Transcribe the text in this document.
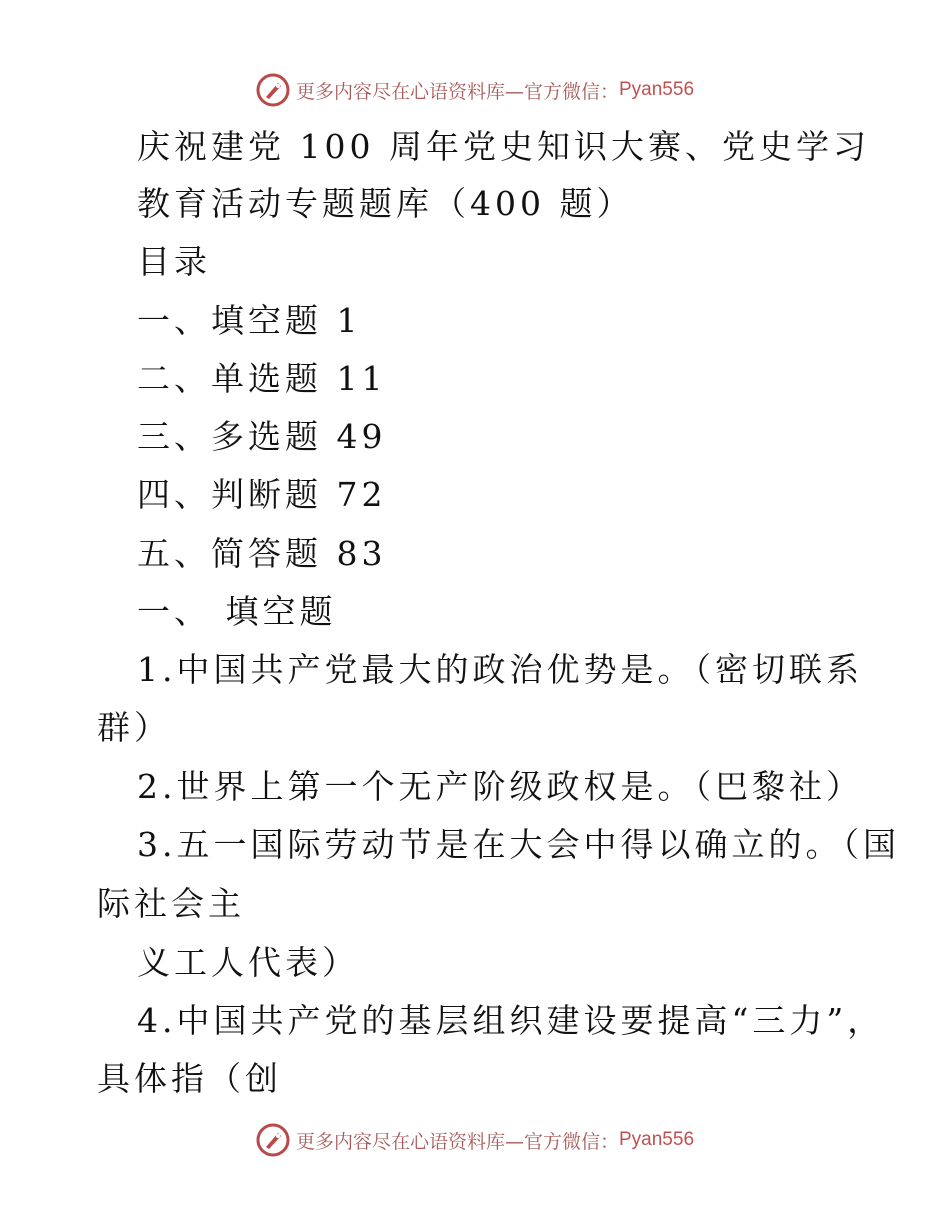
更多内容尽在心语资料库—官方微信： Pyan556
庆祝建党 100 周年党史知识大赛、党史学习
教育活动专题题库（400 题）
目录
一、填空题 1
二、单选题 11
三、多选题 49
四、判断题 72
五、简答题 83
一、 填空题
1.中国共产党最大的政治优势是。（密切联系
群）
2.世界上第一个无产阶级政权是。（巴黎社）
3.五一国际劳动节是在大会中得以确立的。（国
际社会主
义工人代表）
4.中国共产党的基层组织建设要提高“三力”，
具体指（创
更多内容尽在心语资料库—官方微信： Pyan556
